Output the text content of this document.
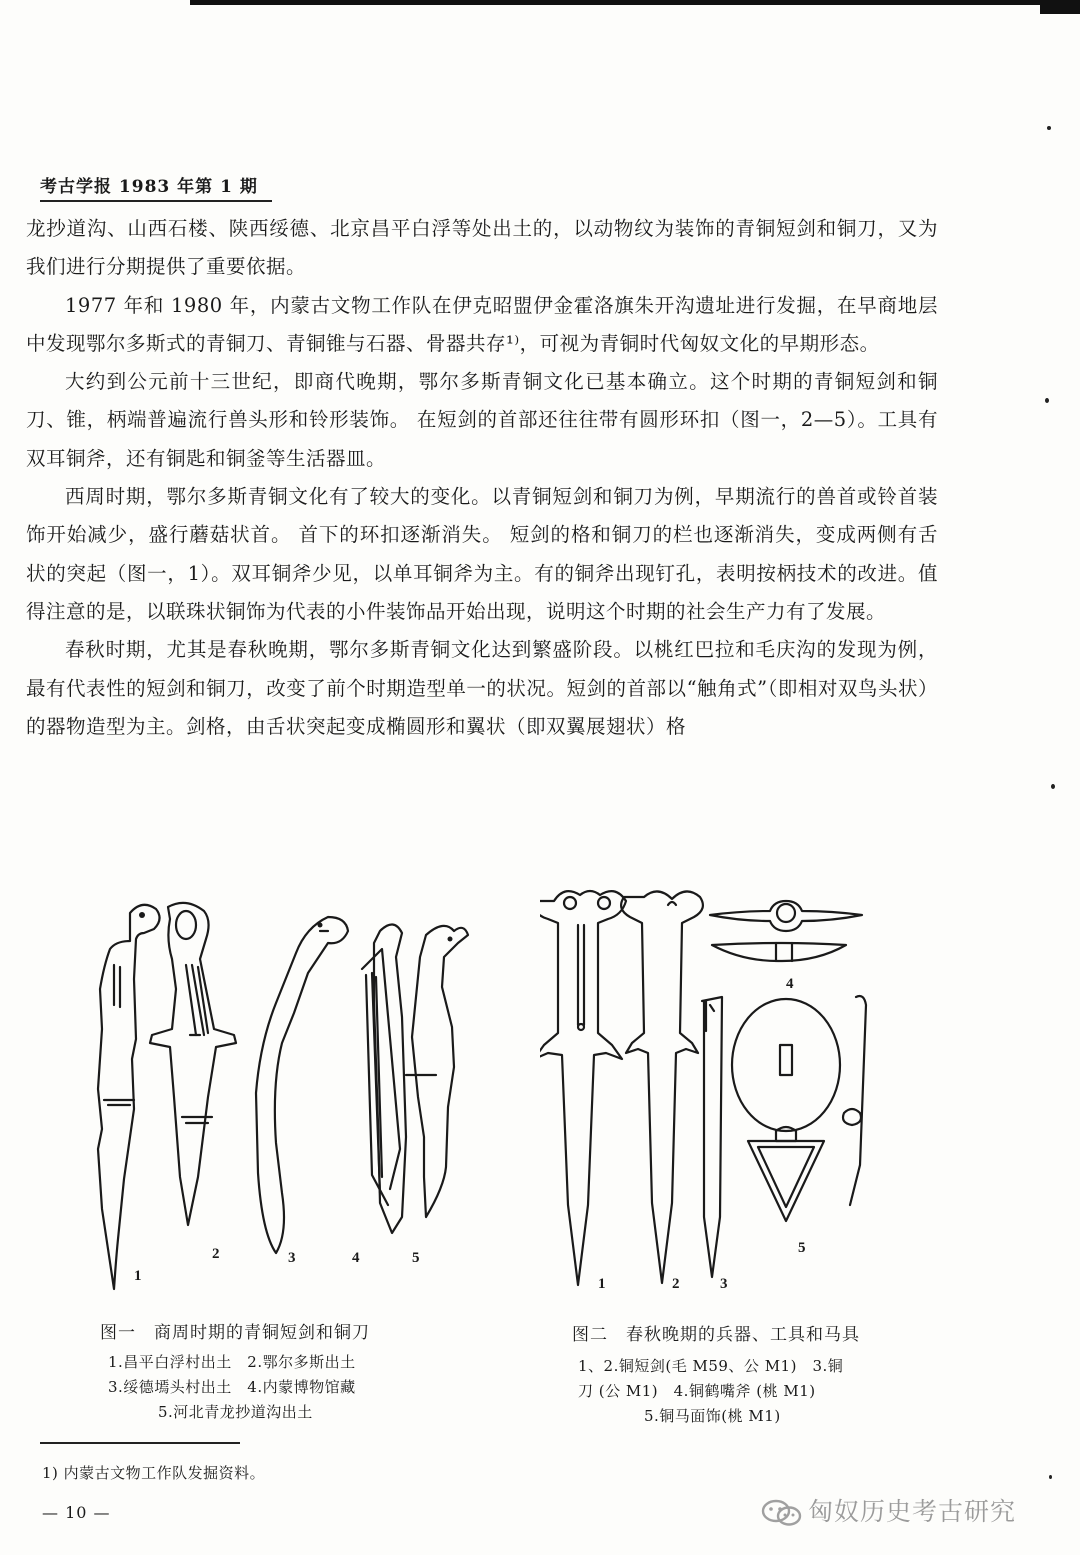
考古学报 1983 年第 1 期

龙抄道沟、山西石楼、陕西绥德、北京昌平白浮等处出土的，以动物纹为装饰的青铜短剑和铜刀，又为我们进行分期提供了重要依据。

1977 年和 1980 年，内蒙古文物工作队在伊克昭盟伊金霍洛旗朱开沟遗址进行发掘，在早商地层中发现鄂尔多斯式的青铜刀、青铜锥与石器、骨器共存¹⁾，可视为青铜时代匈奴文化的早期形态。

大约到公元前十三世纪，即商代晚期，鄂尔多斯青铜文化已基本确立。这个时期的青铜短剑和铜刀、锥，柄端普遍流行兽头形和铃形装饰。 在短剑的首部还往往带有圆形环扣（图一，2—5）。工具有双耳铜斧，还有铜匙和铜釜等生活器皿。

西周时期，鄂尔多斯青铜文化有了较大的变化。以青铜短剑和铜刀为例，早期流行的兽首或铃首装饰开始减少，盛行蘑菇状首。 首下的环扣逐渐消失。 短剑的格和铜刀的栏也逐渐消失，变成两侧有舌状的突起（图一，1）。双耳铜斧少见，以单耳铜斧为主。有的铜斧出现钉孔，表明按柄技术的改进。值得注意的是，以联珠状铜饰为代表的小件装饰品开始出现，说明这个时期的社会生产力有了发展。

春秋时期，尤其是春秋晚期，鄂尔多斯青铜文化达到繁盛阶段。以桃红巴拉和毛庆沟的发现为例，最有代表性的短剑和铜刀，改变了前个时期造型单一的状况。短剑的首部以“触角式”（即相对双鸟头状）的器物造型为主。剑格，由舌状突起变成椭圆形和翼状（即双翼展翅状）格

1
2	3	4	5
图一　商周时期的青铜短剑和铜刀
1.昌平白浮村出土　2.鄂尔多斯出土
3.绥德墕头村出土　4.内蒙博物馆藏
5.河北青龙抄道沟出土
1	2	3
4
5
图二　春秋晚期的兵器、工具和马具
1、2.铜短剑(毛 M59、公 M1)　3.铜
刀 (公 M1)　4.铜鹤嘴斧 (桃 M1)
5.铜马面饰(桃 M1)
1) 内蒙古文物工作队发掘资料。
— 10 —	匈奴历史考古研究
